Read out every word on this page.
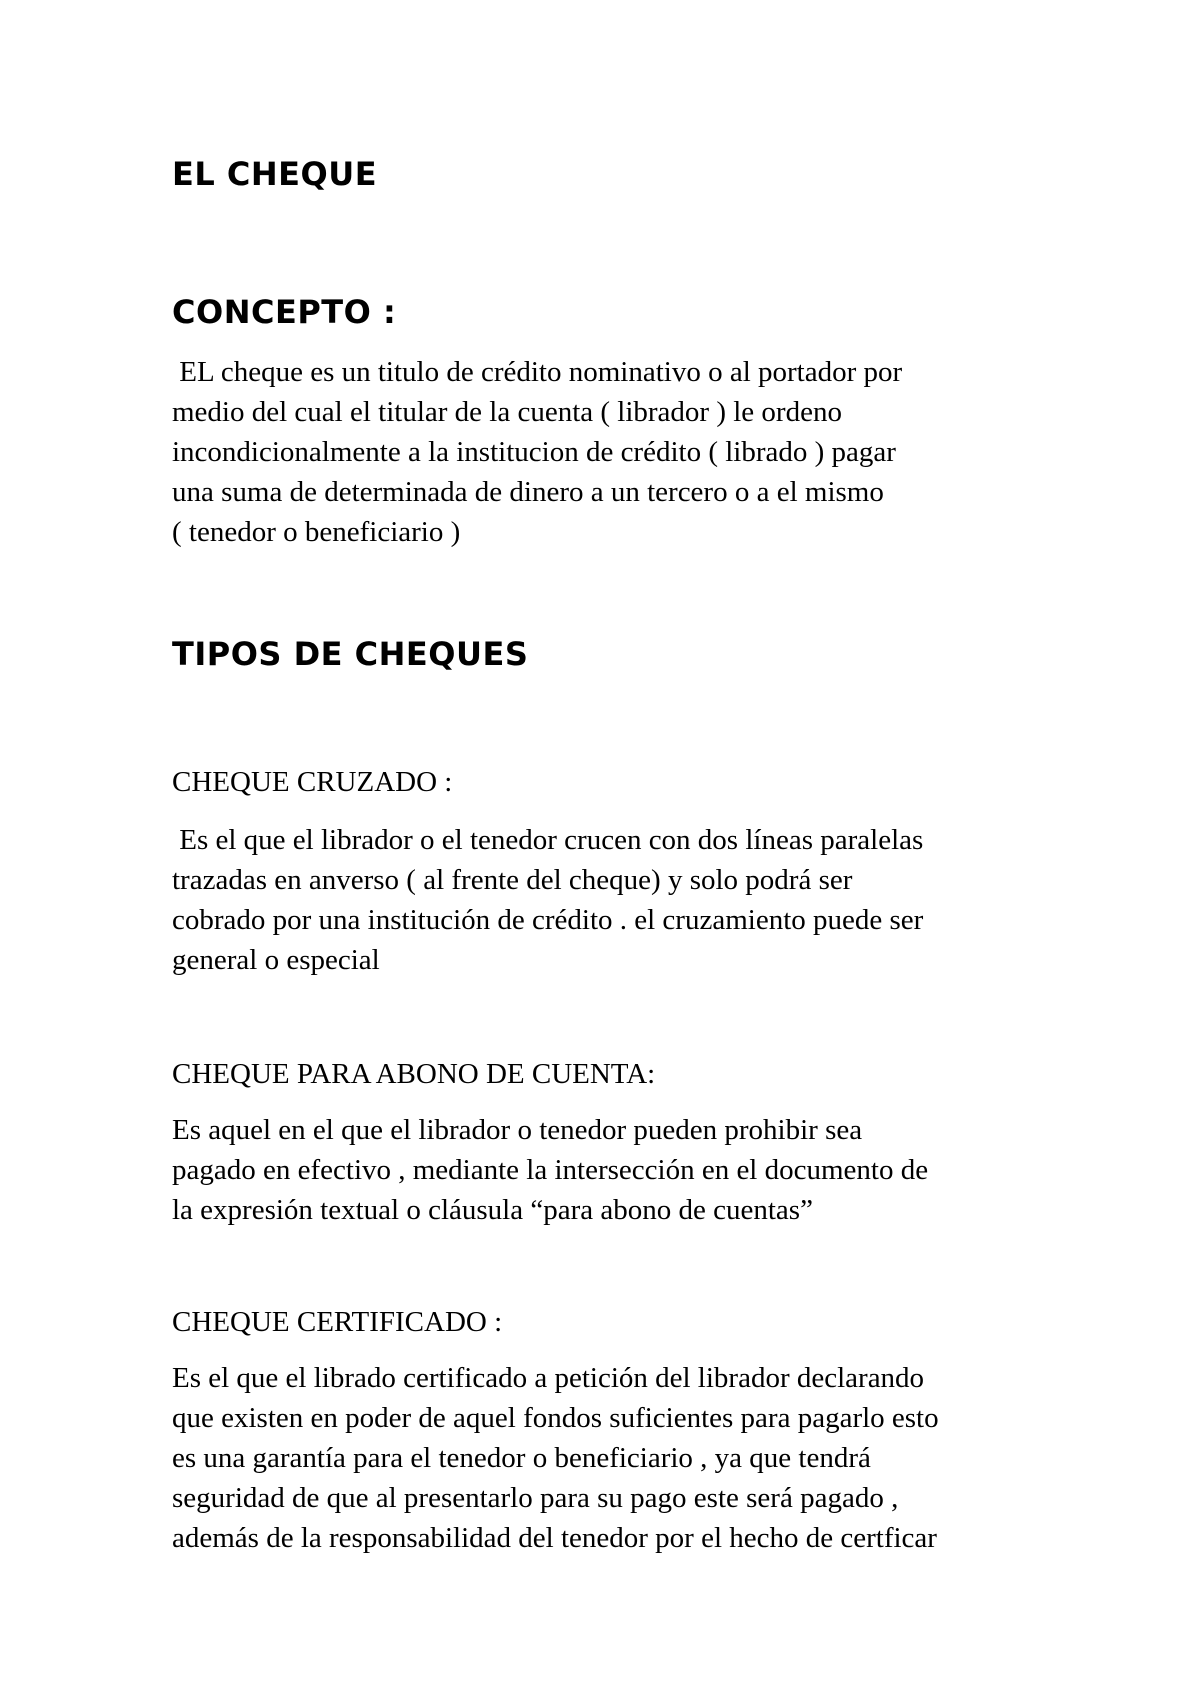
EL CHEQUE
CONCEPTO :
EL cheque es un titulo de crédito nominativo o al portador por
medio del cual el titular de la cuenta ( librador ) le ordeno
incondicionalmente a la institucion de crédito ( librado ) pagar
una suma de determinada de dinero a un tercero o a el mismo
( tenedor o beneficiario )
TIPOS DE CHEQUES
CHEQUE CRUZADO :
Es el que el librador o el tenedor crucen con dos líneas paralelas
trazadas en anverso ( al frente del cheque) y solo podrá ser
cobrado por una institución de crédito . el cruzamiento puede ser
general o especial
CHEQUE PARA ABONO DE CUENTA:
Es aquel en el que el librador o tenedor pueden prohibir sea
pagado en efectivo , mediante la intersección en el documento de
la expresión textual o cláusula “para abono de cuentas”
CHEQUE CERTIFICADO :
Es el que el librado certificado a petición del librador declarando
que existen en poder de aquel fondos suficientes para pagarlo esto
es una garantía para el tenedor o beneficiario , ya que tendrá
seguridad de que al presentarlo para su pago este será pagado ,
además de la responsabilidad del tenedor por el hecho de certficar
